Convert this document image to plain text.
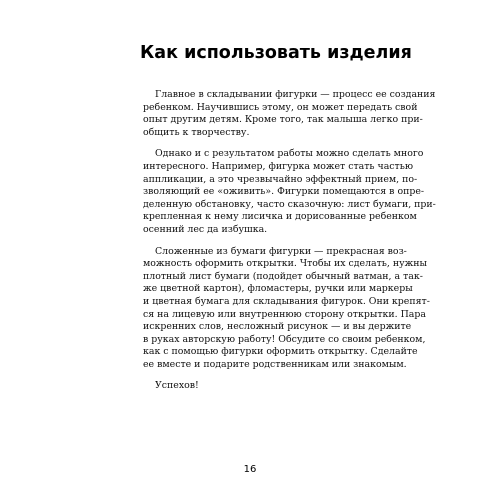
Как использовать изделия
Главное в складывании фигурки — процесс ее создания
ребенком. Научившись этому, он может передать свой
опыт другим детям. Кроме того, так малыша легко при-
общить к творчеству.
Однако и с результатом работы можно сделать много
интересного. Например, фигурка может стать частью
аппликации, а это чрезвычайно эффектный прием, по-
зволяющий ее «оживить». Фигурки помещаются в опре-
деленную обстановку, часто сказочную: лист бумаги, при-
крепленная к нему лисичка и дорисованные ребенком
осенний лес да избушка.
Сложенные из бумаги фигурки — прекрасная воз-
можность оформить открытки. Чтобы их сделать, нужны
плотный лист бумаги (подойдет обычный ватман, а так-
же цветной картон), фломастеры, ручки или маркеры
и цветная бумага для складывания фигурок. Они крепят-
ся на лицевую или внутреннюю сторону открытки. Пара
искренних слов, несложный рисунок — и вы держите
в руках авторскую работу! Обсудите со своим ребенком,
как с помощью фигурки оформить открытку. Сделайте
ее вместе и подарите родственникам или знакомым.
Успехов!
16
